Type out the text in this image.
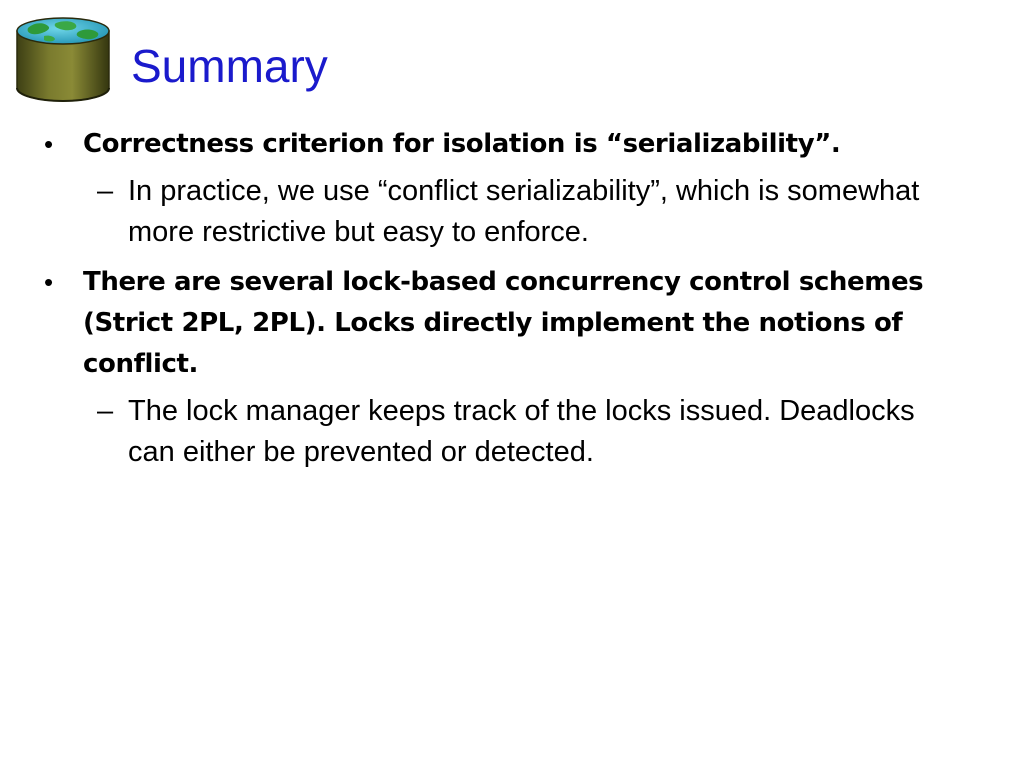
Summary
• Correctness criterion for isolation is “serializability”.
– In practice, we use “conflict serializability”, which is somewhat more restrictive but easy to enforce.
• There are several lock-based concurrency control schemes (Strict 2PL, 2PL). Locks directly implement the notions of conflict.
– The lock manager keeps track of the locks issued. Deadlocks can either be prevented or detected.
